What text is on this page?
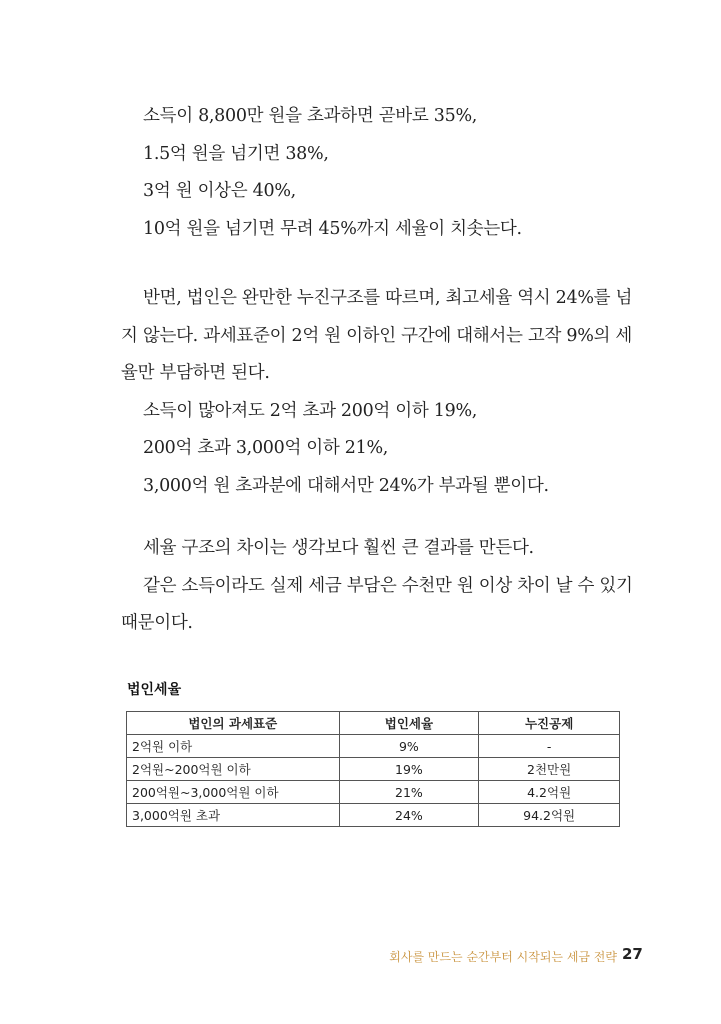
소득이 8,800만 원을 초과하면 곧바로 35%,
1.5억 원을 넘기면 38%,
3억 원 이상은 40%,
10억 원을 넘기면 무려 45%까지 세율이 치솟는다.
반면, 법인은 완만한 누진구조를 따르며, 최고세율 역시 24%를 넘
지 않는다. 과세표준이 2억 원 이하인 구간에 대해서는 고작 9%의 세
율만 부담하면 된다.
소득이 많아져도 2억 초과 200억 이하 19%,
200억 초과 3,000억 이하 21%,
3,000억 원 초과분에 대해서만 24%가 부과될 뿐이다.
세율 구조의 차이는 생각보다 훨씬 큰 결과를 만든다.
같은 소득이라도 실제 세금 부담은 수천만 원 이상 차이 날 수 있기
때문이다.
법인세율
법인의 과세표준	법인세율	누진공제
2억원 이하	9%	-
2억원~200억원 이하	19%	2천만원
200억원~3,000억원 이하	21%	4.2억원
3,000억원 초과	24%	94.2억원
회사를 만드는 순간부터 시작되는 세금 전략 27
